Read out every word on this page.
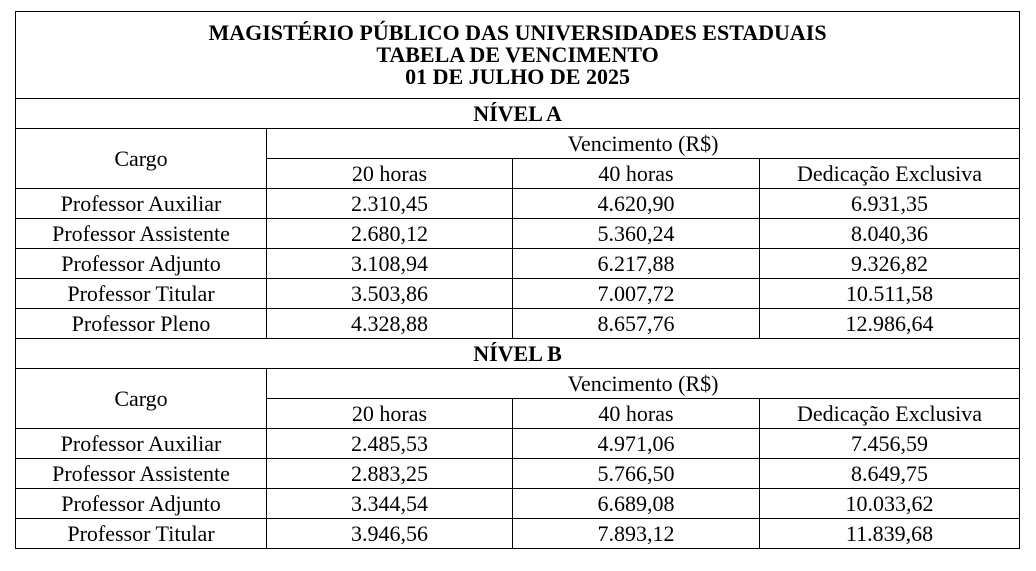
MAGISTÉRIO PÚBLICO DAS UNIVERSIDADES ESTADUAIS
TABELA DE VENCIMENTO
01 DE JULHO DE 2025			

NÍVEL A			
Cargo	Vencimento (R$)		
	20 horas	40 horas	Dedicação Exclusiva
Professor Auxiliar	2.310,45	4.620,90	6.931,35
Professor Assistente	2.680,12	5.360,24	8.040,36
Professor Adjunto	3.108,94	6.217,88	9.326,82
Professor Titular	3.503,86	7.007,72	10.511,58
Professor Pleno	4.328,88	8.657,76	12.986,64
NÍVEL B			
Cargo	Vencimento (R$)		
	20 horas	40 horas	Dedicação Exclusiva
Professor Auxiliar	2.485,53	4.971,06	7.456,59
Professor Assistente	2.883,25	5.766,50	8.649,75
Professor Adjunto	3.344,54	6.689,08	10.033,62
Professor Titular	3.946,56	7.893,12	11.839,68
